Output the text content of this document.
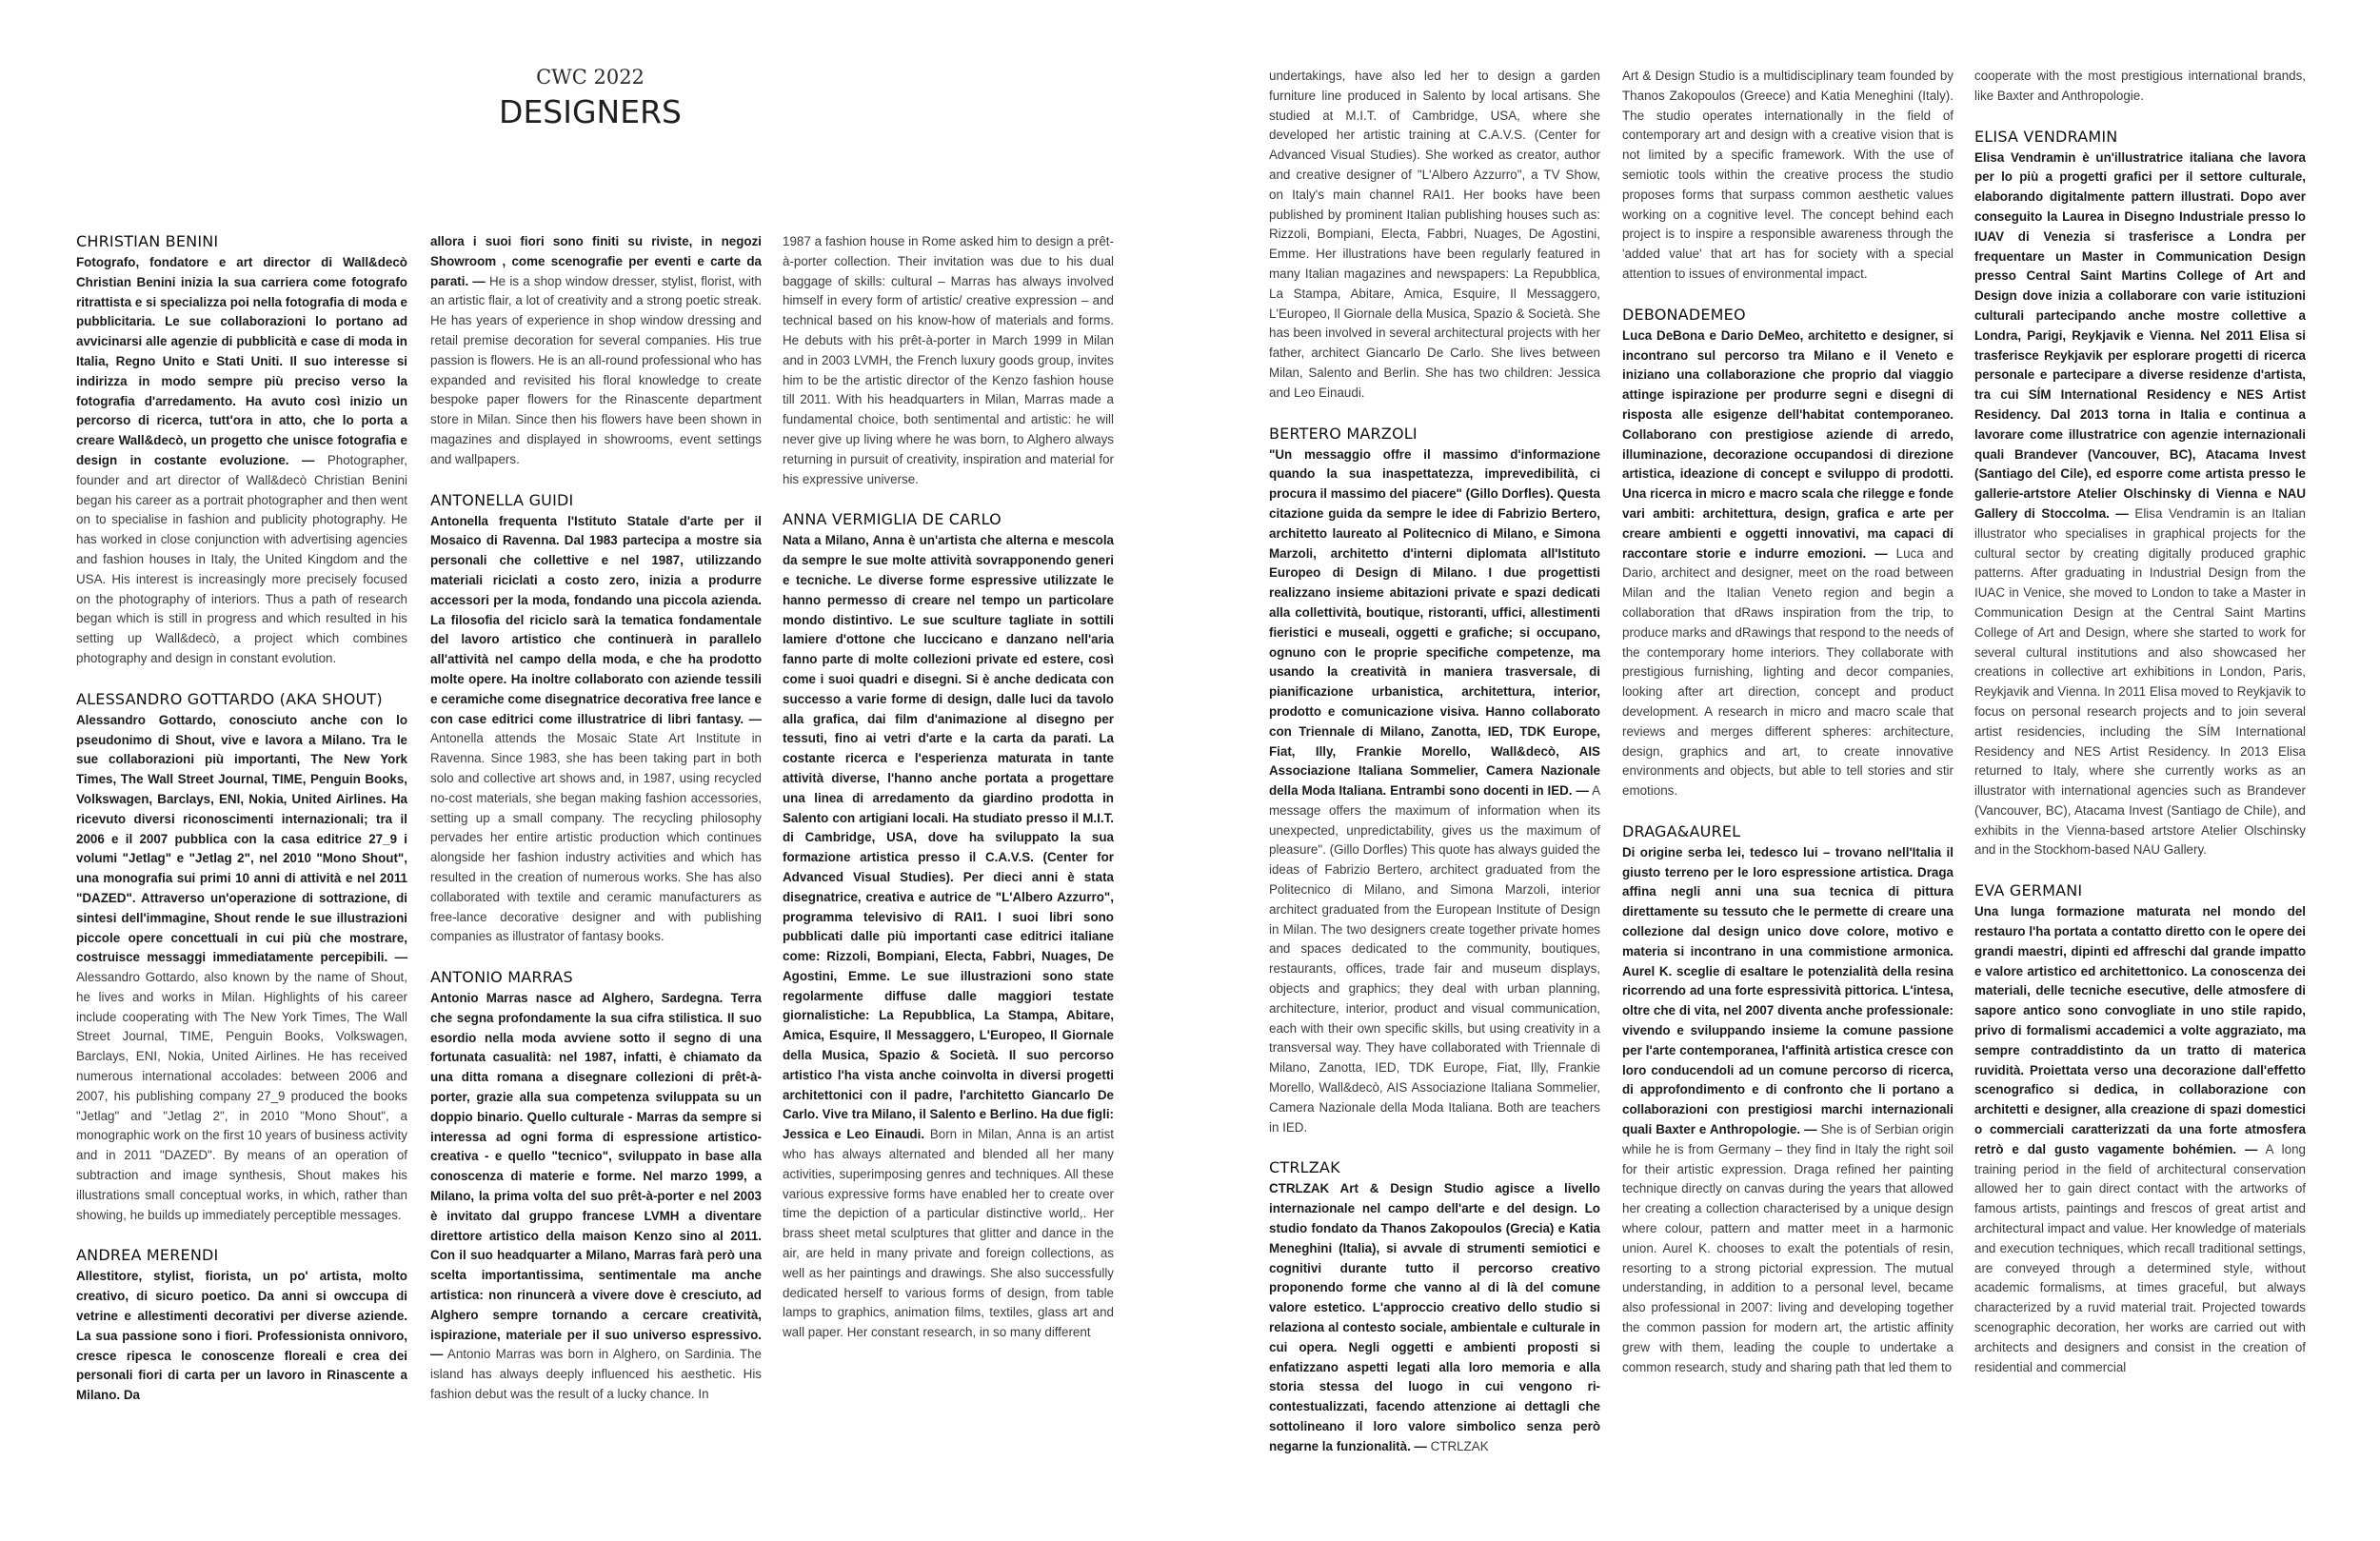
CWC 2022
DESIGNERS
CHRISTIAN BENINI

Fotografo, fondatore e art director di Wall&decò Christian Benini inizia la sua carriera come fotografo ritrattista e si specializza poi nella fotografia di moda e pubblicitaria. Le sue collaborazioni lo portano ad avvicinarsi alle agenzie di pubblicità e case di moda in Italia, Regno Unito e Stati Uniti. Il suo interesse si indirizza in modo sempre più preciso verso la fotografia d'arredamento. Ha avuto così inizio un percorso di ricerca, tutt'ora in atto, che lo porta a creare Wall&decò, un progetto che unisce fotografia e design in costante evoluzione. — Photographer, founder and art director of Wall&decò Christian Benini began his career as a portrait photographer and then went on to specialise in fashion and publicity photography. He has worked in close conjunction with advertising agencies and fashion houses in Italy, the United Kingdom and the USA. His interest is increasingly more precisely focused on the photography of interiors. Thus a path of research began which is still in progress and which resulted in his setting up Wall&decò, a project which combines photography and design in constant evolution.

ALESSANDRO GOTTARDO (AKA SHOUT)

Alessandro Gottardo, conosciuto anche con lo pseudonimo di Shout, vive e lavora a Milano. Tra le sue collaborazioni più importanti, The New York Times, The Wall Street Journal, TIME, Penguin Books, Volkswagen, Barclays, ENI, Nokia, United Airlines. Ha ricevuto diversi riconoscimenti internazionali; tra il 2006 e il 2007 pubblica con la casa editrice 27_9 i volumi "Jetlag" e "Jetlag 2", nel 2010 "Mono Shout", una monografia sui primi 10 anni di attività e nel 2011 "DAZED". Attraverso un'operazione di sottrazione, di sintesi dell'immagine, Shout rende le sue illustrazioni piccole opere concettuali in cui più che mostrare, costruisce messaggi immediatamente percepibili. — Alessandro Gottardo, also known by the name of Shout, he lives and works in Milan. Highlights of his career include cooperating with The New York Times, The Wall Street Journal, TIME, Penguin Books, Volkswagen, Barclays, ENI, Nokia, United Airlines. He has received numerous international accolades: between 2006 and 2007, his publishing company 27_9 produced the books "Jetlag" and "Jetlag 2", in 2010 "Mono Shout", a monographic work on the first 10 years of business activity and in 2011 "DAZED". By means of an operation of subtraction and image synthesis, Shout makes his illustrations small conceptual works, in which, rather than showing, he builds up immediately perceptible messages.

ANDREA MERENDI

Allestitore, stylist, fiorista, un po' artista, molto creativo, di sicuro poetico. Da anni si owccupa di vetrine e allestimenti decorativi per diverse aziende. La sua passione sono i fiori. Professionista onnivoro, cresce ripesca le conoscenze floreali e crea dei personali fiori di carta per un lavoro in Rinascente a Milano. Da

allora i suoi fiori sono finiti su riviste, in negozi Showroom , come scenografie per eventi e carte da parati. — He is a shop window dresser, stylist, florist, with an artistic flair, a lot of creativity and a strong poetic streak. He has years of experience in shop window dressing and retail premise decoration for several companies. His true passion is flowers. He is an all-round professional who has expanded and revisited his floral knowledge to create bespoke paper flowers for the Rinascente department store in Milan. Since then his flowers have been shown in magazines and displayed in showrooms, event settings and wallpapers.

ANTONELLA GUIDI

Antonella frequenta l'Istituto Statale d'arte per il Mosaico di Ravenna. Dal 1983 partecipa a mostre sia personali che collettive e nel 1987, utilizzando materiali riciclati a costo zero, inizia a produrre accessori per la moda, fondando una piccola azienda. La filosofia del riciclo sarà la tematica fondamentale del lavoro artistico che continuerà in parallelo all'attività nel campo della moda, e che ha prodotto molte opere. Ha inoltre collaborato con aziende tessili e ceramiche come disegnatrice decorativa free lance e con case editrici come illustratrice di libri fantasy. — Antonella attends the Mosaic State Art Institute in Ravenna. Since 1983, she has been taking part in both solo and collective art shows and, in 1987, using recycled no-cost materials, she began making fashion accessories, setting up a small company. The recycling philosophy pervades her entire artistic production which continues alongside her fashion industry activities and which has resulted in the creation of numerous works. She has also collaborated with textile and ceramic manufacturers as free-lance decorative designer and with publishing companies as illustrator of fantasy books.

ANTONIO MARRAS

Antonio Marras nasce ad Alghero, Sardegna. Terra che segna profondamente la sua cifra stilistica. Il suo esordio nella moda avviene sotto il segno di una fortunata casualità: nel 1987, infatti, è chiamato da una ditta romana a disegnare collezioni di prêt-à-porter, grazie alla sua competenza sviluppata su un doppio binario. Quello culturale - Marras da sempre si interessa ad ogni forma di espressione artistico-creativa - e quello "tecnico", sviluppato in base alla conoscenza di materie e forme. Nel marzo 1999, a Milano, la prima volta del suo prêt-à-porter e nel 2003 è invitato dal gruppo francese LVMH a diventare direttore artistico della maison Kenzo sino al 2011. Con il suo headquarter a Milano, Marras farà però una scelta importantissima, sentimentale ma anche artistica: non rinuncerà a vivere dove è cresciuto, ad Alghero sempre tornando a cercare creatività, ispirazione, materiale per il suo universo espressivo. — Antonio Marras was born in Alghero, on Sardinia. The island has always deeply influenced his aesthetic. His fashion debut was the result of a lucky chance. In

1987 a fashion house in Rome asked him to design a prêt-à-porter collection. Their invitation was due to his dual baggage of skills: cultural – Marras has always involved himself in every form of artistic/ creative expression – and technical based on his know-how of materials and forms. He debuts with his prêt-à-porter in March 1999 in Milan and in 2003 LVMH, the French luxury goods group, invites him to be the artistic director of the Kenzo fashion house till 2011. With his headquarters in Milan, Marras made a fundamental choice, both sentimental and artistic: he will never give up living where he was born, to Alghero always returning in pursuit of creativity, inspiration and material for his expressive universe.

ANNA VERMIGLIA DE CARLO

Nata a Milano, Anna è un'artista che alterna e mescola da sempre le sue molte attività sovrapponendo generi e tecniche. Le diverse forme espressive utilizzate le hanno permesso di creare nel tempo un particolare mondo distintivo. Le sue sculture tagliate in sottili lamiere d'ottone che luccicano e danzano nell'aria fanno parte di molte collezioni private ed estere, così come i suoi quadri e disegni. Si è anche dedicata con successo a varie forme di design, dalle luci da tavolo alla grafica, dai film d'animazione al disegno per tessuti, fino ai vetri d'arte e la carta da parati. La costante ricerca e l'esperienza maturata in tante attività diverse, l'hanno anche portata a progettare una linea di arredamento da giardino prodotta in Salento con artigiani locali. Ha studiato presso il M.I.T. di Cambridge, USA, dove ha sviluppato la sua formazione artistica presso il C.A.V.S. (Center for Advanced Visual Studies). Per dieci anni è stata disegnatrice, creativa e autrice de "L'Albero Azzurro", programma televisivo di RAI1. I suoi libri sono pubblicati dalle più importanti case editrici italiane come: Rizzoli, Bompiani, Electa, Fabbri, Nuages, De Agostini, Emme. Le sue illustrazioni sono state regolarmente diffuse dalle maggiori testate giornalistiche: La Repubblica, La Stampa, Abitare, Amica, Esquire, Il Messaggero, L'Europeo, Il Giornale della Musica, Spazio & Società. Il suo percorso artistico l'ha vista anche coinvolta in diversi progetti architettonici con il padre, l'architetto Giancarlo De Carlo. Vive tra Milano, il Salento e Berlino. Ha due figli: Jessica e Leo Einaudi. Born in Milan, Anna is an artist who has always alternated and blended all her many activities, superimposing genres and techniques. All these various expressive forms have enabled her to create over time the depiction of a particular distinctive world,. Her brass sheet metal sculptures that glitter and dance in the air, are held in many private and foreign collections, as well as her paintings and drawings. She also successfully dedicated herself to various forms of design, from table lamps to graphics, animation films, textiles, glass art and wall paper. Her constant research, in so many different

undertakings, have also led her to design a garden furniture line produced in Salento by local artisans. She studied at M.I.T. of Cambridge, USA, where she developed her artistic training at C.A.V.S. (Center for Advanced Visual Studies). She worked as creator, author and creative designer of "L'Albero Azzurro", a TV Show, on Italy's main channel RAI1. Her books have been published by prominent Italian publishing houses such as: Rizzoli, Bompiani, Electa, Fabbri, Nuages, De Agostini, Emme. Her illustrations have been regularly featured in many Italian magazines and newspapers: La Repubblica, La Stampa, Abitare, Amica, Esquire, Il Messaggero, L'Europeo, Il Giornale della Musica, Spazio & Società. She has been involved in several architectural projects with her father, architect Giancarlo De Carlo. She lives between Milan, Salento and Berlin. She has two children: Jessica and Leo Einaudi.

BERTERO MARZOLI

"Un messaggio offre il massimo d'informazione quando la sua inaspettatezza, imprevedibilità, ci procura il massimo del piacere" (Gillo Dorfles). Questa citazione guida da sempre le idee di Fabrizio Bertero, architetto laureato al Politecnico di Milano, e Simona Marzoli, architetto d'interni diplomata all'Istituto Europeo di Design di Milano. I due progettisti realizzano insieme abitazioni private e spazi dedicati alla collettività, boutique, ristoranti, uffici, allestimenti fieristici e museali, oggetti e grafiche; si occupano, ognuno con le proprie specifiche competenze, ma usando la creatività in maniera trasversale, di pianificazione urbanistica, architettura, interior, prodotto e comunicazione visiva. Hanno collaborato con Triennale di Milano, Zanotta, IED, TDK Europe, Fiat, Illy, Frankie Morello, Wall&decò, AIS Associazione Italiana Sommelier, Camera Nazionale della Moda Italiana. Entrambi sono docenti in IED. — A message offers the maximum of information when its unexpected, unpredictability, gives us the maximum of pleasure". (Gillo Dorfles) This quote has always guided the ideas of Fabrizio Bertero, architect graduated from the Politecnico di Milano, and Simona Marzoli, interior architect graduated from the European Institute of Design in Milan. The two designers create together private homes and spaces dedicated to the community, boutiques, restaurants, offices, trade fair and museum displays, objects and graphics; they deal with urban planning, architecture, interior, product and visual communication, each with their own specific skills, but using creativity in a transversal way. They have collaborated with Triennale di Milano, Zanotta, IED, TDK Europe, Fiat, Illy, Frankie Morello, Wall&decò, AIS Associazione Italiana Sommelier, Camera Nazionale della Moda Italiana. Both are teachers in IED.

CTRLZAK

CTRLZAK Art & Design Studio agisce a livello internazionale nel campo dell'arte e del design. Lo studio fondato da Thanos Zakopoulos (Grecia) e Katia Meneghini (Italia), si avvale di strumenti semiotici e cognitivi durante tutto il percorso creativo proponendo forme che vanno al di là del comune valore estetico. L'approccio creativo dello studio si relaziona al contesto sociale, ambientale e culturale in cui opera. Negli oggetti e ambienti proposti si enfatizzano aspetti legati alla loro memoria e alla storia stessa del luogo in cui vengono ri-contestualizzati, facendo attenzione ai dettagli che sottolineano il loro valore simbolico senza però negarne la funzionalità. — CTRLZAK

Art & Design Studio is a multidisciplinary team founded by Thanos Zakopoulos (Greece) and Katia Meneghini (Italy). The studio operates internationally in the field of contemporary art and design with a creative vision that is not limited by a specific framework. With the use of semiotic tools within the creative process the studio proposes forms that surpass common aesthetic values working on a cognitive level. The concept behind each project is to inspire a responsible awareness through the 'added value' that art has for society with a special attention to issues of environmental impact.

DEBONADEMEO

Luca DeBona e Dario DeMeo, architetto e designer, si incontrano sul percorso tra Milano e il Veneto e iniziano una collaborazione che proprio dal viaggio attinge ispirazione per produrre segni e disegni di risposta alle esigenze dell'habitat contemporaneo. Collaborano con prestigiose aziende di arredo, illuminazione, decorazione occupandosi di direzione artistica, ideazione di concept e sviluppo di prodotti. Una ricerca in micro e macro scala che rilegge e fonde vari ambiti: architettura, design, grafica e arte per creare ambienti e oggetti innovativi, ma capaci di raccontare storie e indurre emozioni. — Luca and Dario, architect and designer, meet on the road between Milan and the Italian Veneto region and begin a collaboration that dRaws inspiration from the trip, to produce marks and dRawings that respond to the needs of the contemporary home interiors. They collaborate with prestigious furnishing, lighting and decor companies, looking after art direction, concept and product development. A research in micro and macro scale that reviews and merges different spheres: architecture, design, graphics and art, to create innovative environments and objects, but able to tell stories and stir emotions.

DRAGA&AUREL

Di origine serba lei, tedesco lui – trovano nell'Italia il giusto terreno per le loro espressione artistica. Draga affina negli anni una sua tecnica di pittura direttamente su tessuto che le permette di creare una collezione dal design unico dove colore, motivo e materia si incontrano in una commistione armonica. Aurel K. sceglie di esaltare le potenzialità della resina ricorrendo ad una forte espressività pittorica. L'intesa, oltre che di vita, nel 2007 diventa anche professionale: vivendo e sviluppando insieme la comune passione per l'arte contemporanea, l'affinità artistica cresce con loro conducendoli ad un comune percorso di ricerca, di approfondimento e di confronto che li portano a collaborazioni con prestigiosi marchi internazionali quali Baxter e Anthropologie. — She is of Serbian origin while he is from Germany – they find in Italy the right soil for their artistic expression. Draga refined her painting technique directly on canvas during the years that allowed her creating a collection characterised by a unique design where colour, pattern and matter meet in a harmonic union. Aurel K. chooses to exalt the potentials of resin, resorting to a strong pictorial expression. The mutual understanding, in addition to a personal level, became also professional in 2007: living and developing together the common passion for modern art, the artistic affinity grew with them, leading the couple to undertake a common research, study and sharing path that led them to

cooperate with the most prestigious international brands, like Baxter and Anthropologie.

ELISA VENDRAMIN

Elisa Vendramin è un'illustratrice italiana che lavora per lo più a progetti grafici per il settore culturale, elaborando digitalmente pattern illustrati. Dopo aver conseguito la Laurea in Disegno Industriale presso lo IUAV di Venezia si trasferisce a Londra per frequentare un Master in Communication Design presso Central Saint Martins College of Art and Design dove inizia a collaborare con varie istituzioni culturali partecipando anche mostre collettive a Londra, Parigi, Reykjavik e Vienna. Nel 2011 Elisa si trasferisce Reykjavik per esplorare progetti di ricerca personale e partecipare a diverse residenze d'artista, tra cui SÍM International Residency e NES Artist Residency. Dal 2013 torna in Italia e continua a lavorare come illustratrice con agenzie internazionali quali Brandever (Vancouver, BC), Atacama Invest (Santiago del Cile), ed esporre come artista presso le gallerie-artstore Atelier Olschinsky di Vienna e NAU Gallery di Stoccolma. — Elisa Vendramin is an Italian illustrator who specialises in graphical projects for the cultural sector by creating digitally produced graphic patterns. After graduating in Industrial Design from the IUAC in Venice, she moved to London to take a Master in Communication Design at the Central Saint Martins College of Art and Design, where she started to work for several cultural institutions and also showcased her creations in collective art exhibitions in London, Paris, Reykjavik and Vienna. In 2011 Elisa moved to Reykjavik to focus on personal research projects and to join several artist residencies, including the SÍM International Residency and NES Artist Residency. In 2013 Elisa returned to Italy, where she currently works as an illustrator with international agencies such as Brandever (Vancouver, BC), Atacama Invest (Santiago de Chile), and exhibits in the Vienna-based artstore Atelier Olschinsky and in the Stockhom-based NAU Gallery.

EVA GERMANI

Una lunga formazione maturata nel mondo del restauro l'ha portata a contatto diretto con le opere dei grandi maestri, dipinti ed affreschi dal grande impatto e valore artistico ed architettonico. La conoscenza dei materiali, delle tecniche esecutive, delle atmosfere di sapore antico sono convogliate in uno stile rapido, privo di formalismi accademici a volte aggraziato, ma sempre contraddistinto da un tratto di materica ruvidità. Proiettata verso una decorazione dall'effetto scenografico si dedica, in collaborazione con architetti e designer, alla creazione di spazi domestici o commerciali caratterizzati da una forte atmosfera retrò e dal gusto vagamente bohémien. — A long training period in the field of architectural conservation allowed her to gain direct contact with the artworks of famous artists, paintings and frescos of great artist and architectural impact and value. Her knowledge of materials and execution techniques, which recall traditional settings, are conveyed through a determined style, without academic formalisms, at times graceful, but always characterized by a ruvid material trait. Projected towards scenographic decoration, her works are carried out with architects and designers and consist in the creation of residential and commercial
